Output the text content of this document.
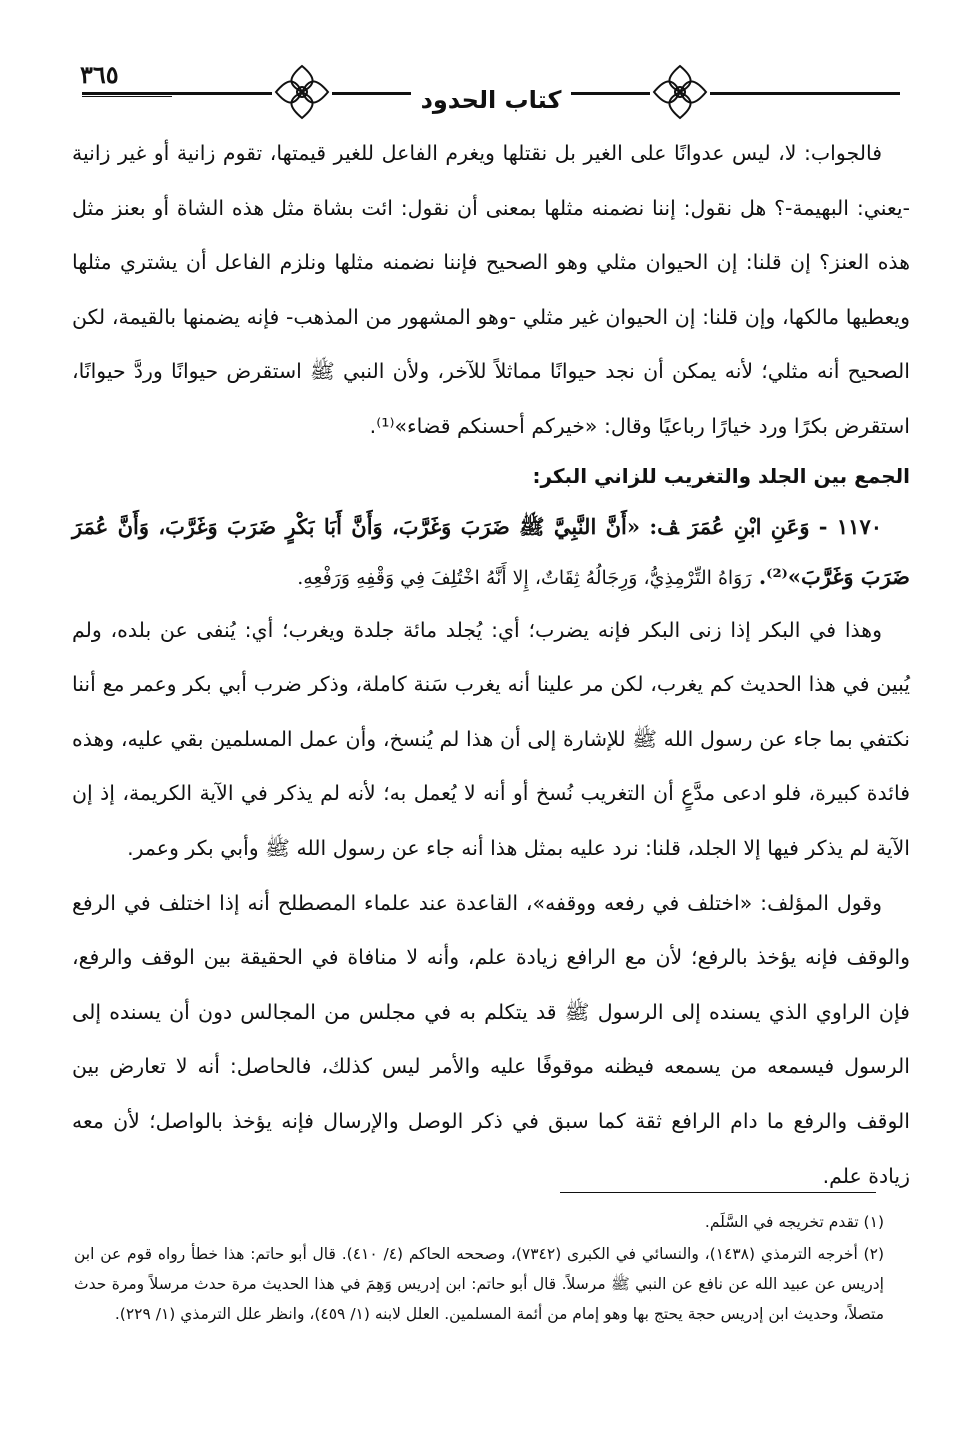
٣٦٥
كتاب الحدود

فالجواب: لا، ليس عدوانًا على الغير بل نقتلها ويغرم الفاعل للغير قيمتها، تقوم زانية أو غير زانية -يعني: البهيمة-؟ هل نقول: إننا نضمنه مثلها بمعنى أن نقول: ائت بشاة مثل هذه الشاة أو بعنز مثل هذه العنز؟ إن قلنا: إن الحيوان مثلي وهو الصحيح فإننا نضمنه مثلها ونلزم الفاعل أن يشتري مثلها ويعطيها مالكها، وإن قلنا: إن الحيوان غير مثلي -وهو المشهور من المذهب- فإنه يضمنها بالقيمة، لكن الصحيح أنه مثلي؛ لأنه يمكن أن نجد حيوانًا مماثلاً للآخر، ولأن النبي ﷺ استقرض حيوانًا وردَّ حيوانًا، استقرض بكرًا ورد خيارًا رباعيًا وقال: «خيركم أحسنكم قضاء»⁽¹⁾.

الجمع بين الجلد والتغريب للزاني البكر:

١١٧٠ - وَعَنِ ابْنِ عُمَرَ ﭫ: «أَنَّ النَّبِيَّ ﷺ ضَرَبَ وَغَرَّبَ، وَأَنَّ أَبَا بَكْرٍ ضَرَبَ وَغَرَّبَ، وَأَنَّ عُمَرَ ضَرَبَ وَغَرَّبَ»⁽²⁾. رَوَاهُ التِّرْمِذِيُّ، وَرِجَالُهُ ثِقَاتٌ، إِلا أَنَّهُ اخْتُلِفَ فِي وَقْفِهِ وَرَفْعِهِ.

وهذا في البكر إذا زنى البكر فإنه يضرب؛ أي: يُجلد مائة جلدة ويغرب؛ أي: يُنفى عن بلده، ولم يُبين في هذا الحديث كم يغرب، لكن مر علينا أنه يغرب سَنة كاملة، وذكر ضرب أبي بكر وعمر مع أننا نكتفي بما جاء عن رسول الله ﷺ للإشارة إلى أن هذا لم يُنسخ، وأن عمل المسلمين بقي عليه، وهذه فائدة كبيرة، فلو ادعى مدَّعٍ أن التغريب نُسخ أو أنه لا يُعمل به؛ لأنه لم يذكر في الآية الكريمة، إذ إن الآية لم يذكر فيها إلا الجلد، قلنا: نرد عليه بمثل هذا أنه جاء عن رسول الله ﷺ وأبي بكر وعمر.

وقول المؤلف: «اختلف في رفعه ووقفه»، القاعدة عند علماء المصطلح أنه إذا اختلف في الرفع والوقف فإنه يؤخذ بالرفع؛ لأن مع الرافع زيادة علم، وأنه لا منافاة في الحقيقة بين الوقف والرفع، فإن الراوي الذي يسنده إلى الرسول ﷺ قد يتكلم به في مجلس من المجالس دون أن يسنده إلى الرسول فيسمعه من يسمعه فيظنه موقوفًا عليه والأمر ليس كذلك، فالحاصل: أنه لا تعارض بين الوقف والرفع ما دام الرافع ثقة كما سبق في ذكر الوصل والإرسال فإنه يؤخذ بالواصل؛ لأن معه زيادة علم.

(١) تقدم تخريجه في السَّلَم.

(٢) أخرجه الترمذي (١٤٣٨)، والنسائي في الكبرى (٧٣٤٢)، وصححه الحاكم (٤/ ٤١٠). قال أبو حاتم: هذا خطأ رواه قوم عن ابن إدريس عن عبيد الله عن نافع عن النبي ﷺ مرسلاً. قال أبو حاتم: ابن إدريس وَهِمَ في هذا الحديث مرة حدث مرسلاً ومرة حدث متصلاً، وحديث ابن إدريس حجة يحتج بها وهو إمام من أئمة المسلمين. العلل لابنه (١/ ٤٥٩)، وانظر علل الترمذي (١/ ٢٢٩).
